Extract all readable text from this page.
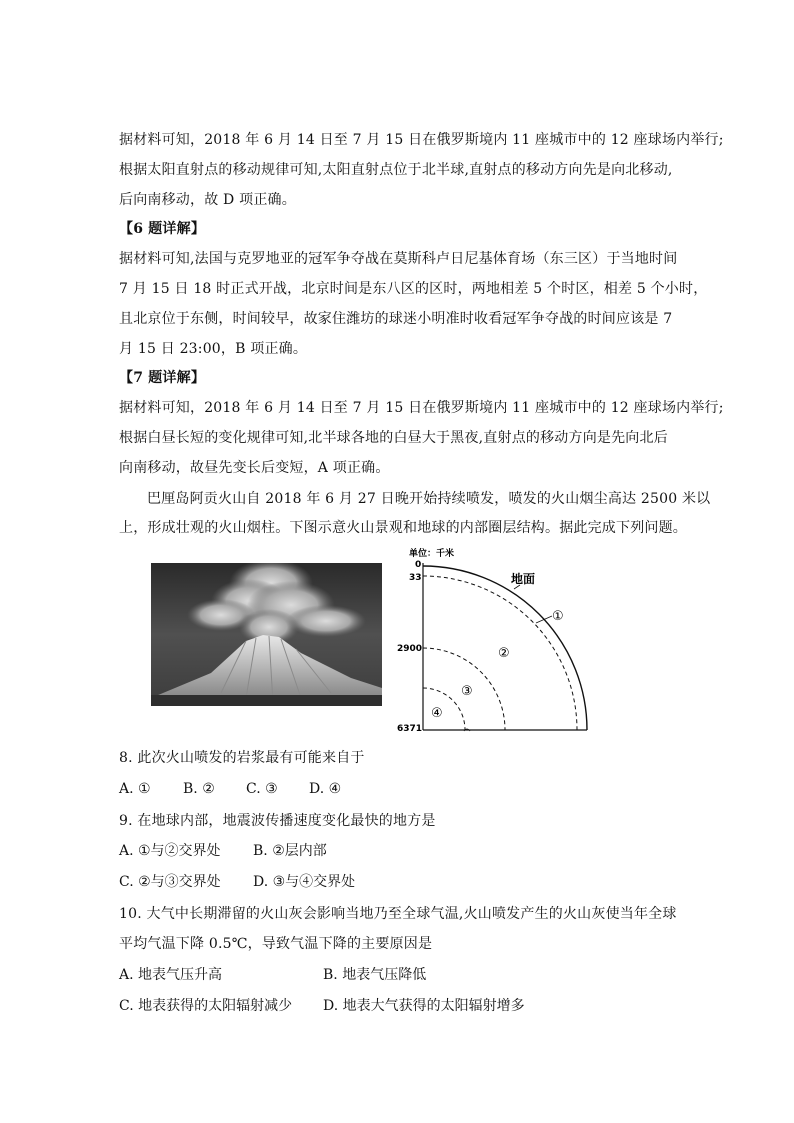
据材料可知，2018 年 6 月 14 日至 7 月 15 日在俄罗斯境内 11 座城市中的 12 座球场内举行;
根据太阳直射点的移动规律可知,太阳直射点位于北半球,直射点的移动方向先是向北移动,
后向南移动，故 D 项正确。
【6 题详解】
据材料可知,法国与克罗地亚的冠军争夺战在莫斯科卢日尼基体育场（东三区）于当地时间
7 月 15 日 18 时正式开战，北京时间是东八区的区时，两地相差 5 个时区，相差 5 个小时，
且北京位于东侧，时间较早，故家住潍坊的球迷小明准时收看冠军争夺战的时间应该是 7
月 15 日 23:00，B 项正确。
【7 题详解】
据材料可知，2018 年 6 月 14 日至 7 月 15 日在俄罗斯境内 11 座城市中的 12 座球场内举行;
根据白昼长短的变化规律可知,北半球各地的白昼大于黑夜,直射点的移动方向是先向北后
向南移动，故昼先变长后变短，A 项正确。
巴厘岛阿贡火山自 2018 年 6 月 27 日晚开始持续喷发，喷发的火山烟尘高达 2500 米以
上，形成壮观的火山烟柱。下图示意火山景观和地球的内部圈层结构。据此完成下列问题。
单位：千米
0
33
2900
6371
地面
①
②
③
④
8. 此次火山喷发的岩浆最有可能来自于
A. ① B. ② C. ③ D. ④
9. 在地球内部，地震波传播速度变化最快的地方是
A. ①与②交界处 B. ②层内部
C. ②与③交界处 D. ③与④交界处
10. 大气中长期滞留的火山灰会影响当地乃至全球气温,火山喷发产生的火山灰使当年全球
平均气温下降 0.5℃，导致气温下降的主要原因是
A. 地表气压升高	B. 地表气压降低
C. 地表获得的太阳辐射减少 D. 地表大气获得的太阳辐射增多
